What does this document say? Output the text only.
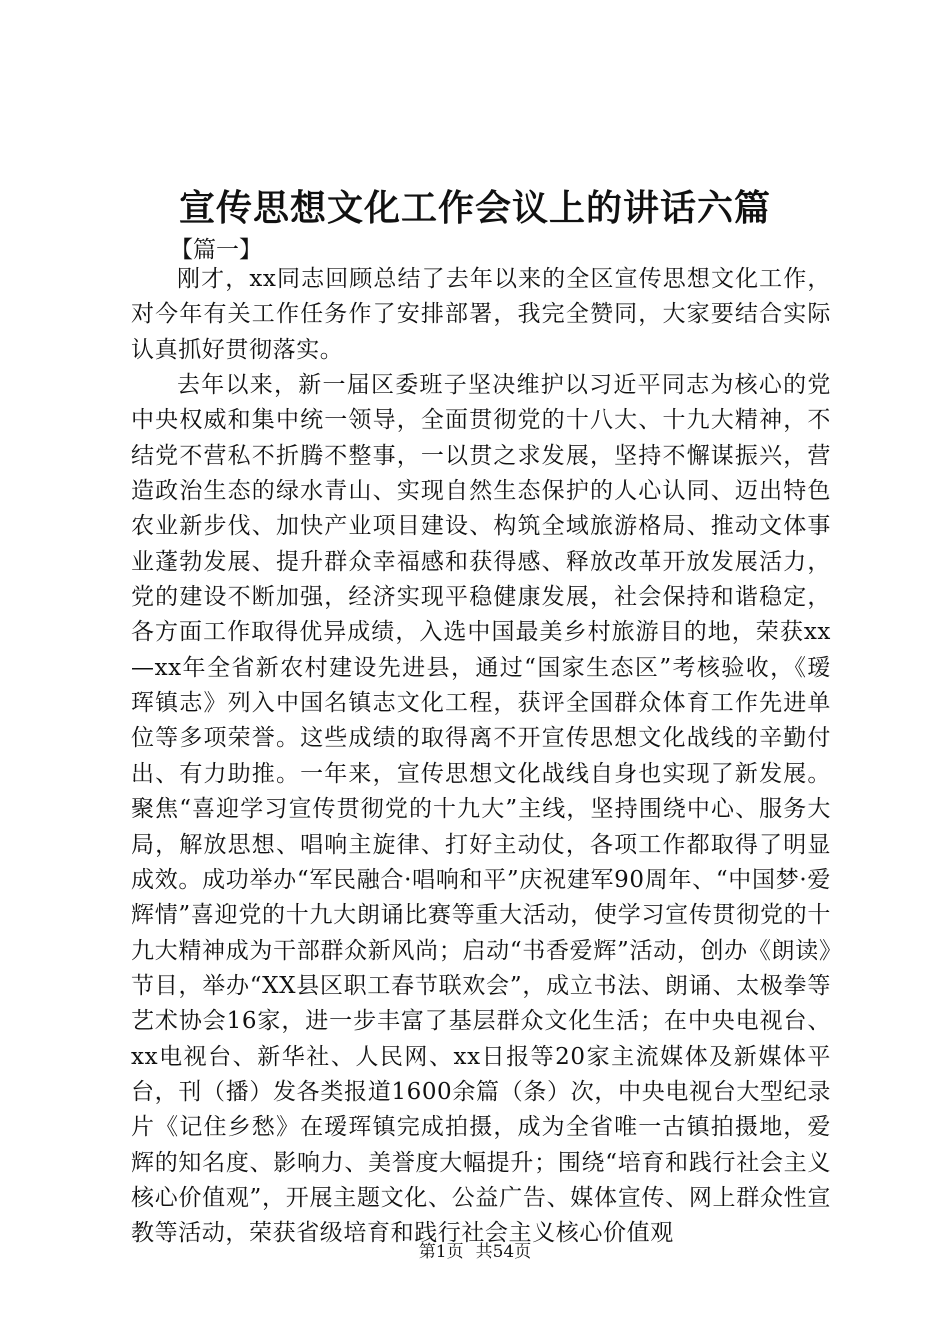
宣传思想文化工作会议上的讲话六篇
【篇一】

刚才，xx同志回顾总结了去年以来的全区宣传思想文化工作，对今年有关工作任务作了安排部署，我完全赞同，大家要结合实际认真抓好贯彻落实。

去年以来，新一届区委班子坚决维护以习近平同志为核心的党中央权威和集中统一领导，全面贯彻党的十八大、十九大精神，不结党不营私不折腾不整事，一以贯之求发展，坚持不懈谋振兴，营造政治生态的绿水青山、实现自然生态保护的人心认同、迈出特色农业新步伐、加快产业项目建设、构筑全域旅游格局、推动文体事业蓬勃发展、提升群众幸福感和获得感、释放改革开放发展活力，党的建设不断加强，经济实现平稳健康发展，社会保持和谐稳定，各方面工作取得优异成绩，入选中国最美乡村旅游目的地，荣获xx—xx年全省新农村建设先进县，通过“国家生态区”考核验收，《瑷珲镇志》列入中国名镇志文化工程，获评全国群众体育工作先进单位等多项荣誉。这些成绩的取得离不开宣传思想文化战线的辛勤付出、有力助推。一年来，宣传思想文化战线自身也实现了新发展。聚焦“喜迎学习宣传贯彻党的十九大”主线，坚持围绕中心、服务大局，解放思想、唱响主旋律、打好主动仗，各项工作都取得了明显成效。成功举办“军民融合·唱响和平”庆祝建军90周年、“中国梦·爱辉情”喜迎党的十九大朗诵比赛等重大活动，使学习宣传贯彻党的十九大精神成为干部群众新风尚；启动“书香爱辉”活动，创办《朗读》节目，举办“XX县区职工春节联欢会”，成立书法、朗诵、太极拳等艺术协会16家，进一步丰富了基层群众文化生活；在中央电视台、xx电视台、新华社、人民网、xx日报等20家主流媒体及新媒体平台，刊（播）发各类报道1600余篇（条）次，中央电视台大型纪录片《记住乡愁》在瑷珲镇完成拍摄，成为全省唯一古镇拍摄地，爱辉的知名度、影响力、美誉度大幅提升；围绕“培育和践行社会主义核心价值观”，开展主题文化、公益广告、媒体宣传、网上群众性宣教等活动，荣获省级培育和践行社会主义核心价值观

第1页 共54页
